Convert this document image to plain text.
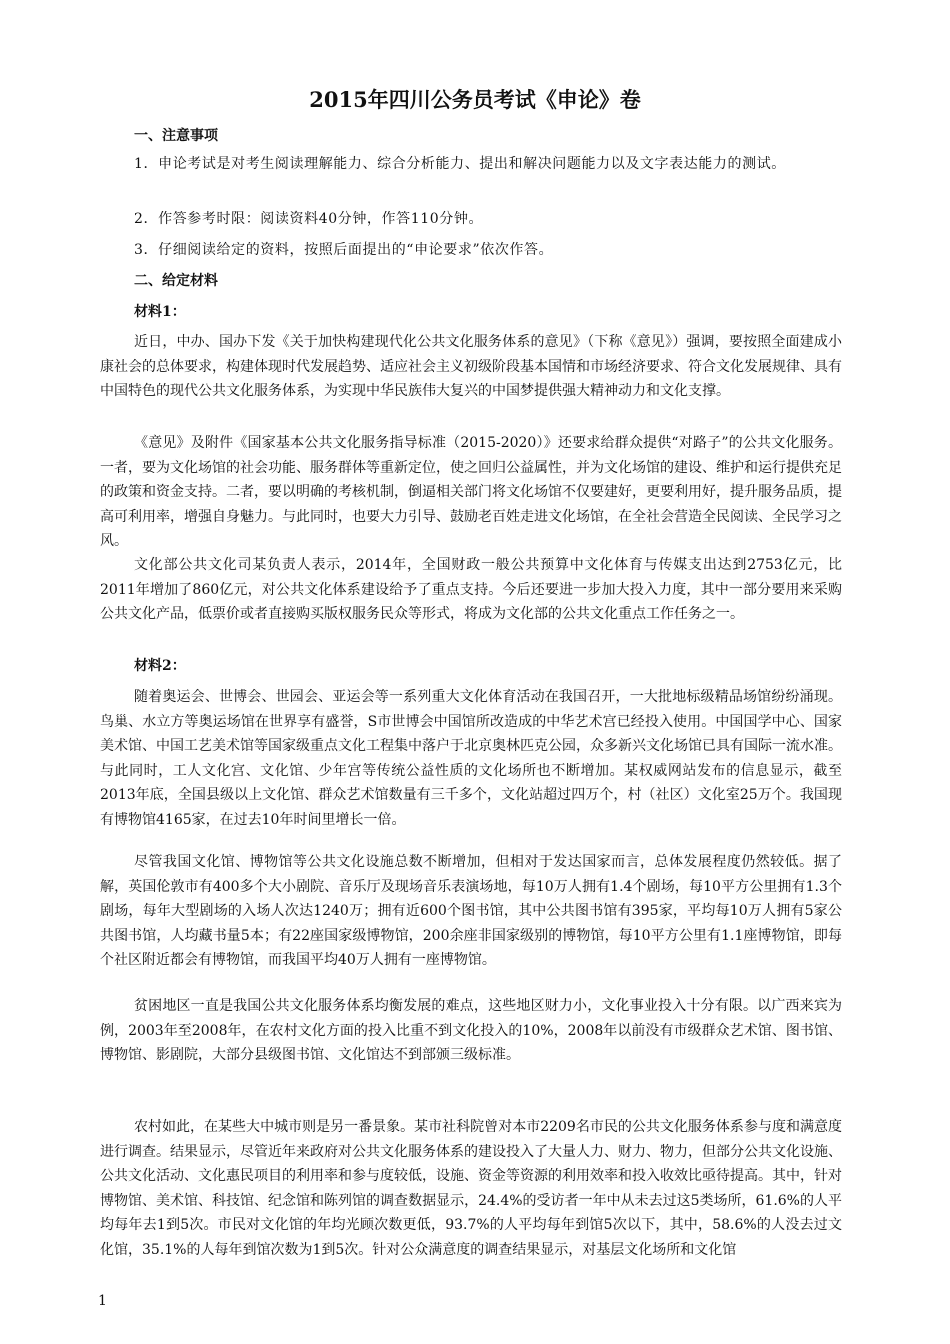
2015年四川公务员考试《申论》卷
一、注意事项

1．申论考试是对考生阅读理解能力、综合分析能力、提出和解决问题能力以及文字表达能力的测试。

2．作答参考时限：阅读资料40分钟，作答110分钟。

3．仔细阅读给定的资料，按照后面提出的“申论要求”依次作答。

二、给定材料
材料1：

近日，中办、国办下发《关于加快构建现代化公共文化服务体系的意见》（下称《意见》）强调，要按照全面建成小康社会的总体要求，构建体现时代发展趋势、适应社会主义初级阶段基本国情和市场经济要求、符合文化发展规律、具有中国特色的现代公共文化服务体系，为实现中华民族伟大复兴的中国梦提供强大精神动力和文化支撑。

《意见》及附件《国家基本公共文化服务指导标准（2015-2020）》还要求给群众提供“对路子”的公共文化服务。一者，要为文化场馆的社会功能、服务群体等重新定位，使之回归公益属性，并为文化场馆的建设、维护和运行提供充足的政策和资金支持。二者，要以明确的考核机制，倒逼相关部门将文化场馆不仅要建好，更要利用好，提升服务品质，提高可利用率，增强自身魅力。与此同时，也要大力引导、鼓励老百姓走进文化场馆，在全社会营造全民阅读、全民学习之风。

文化部公共文化司某负责人表示，2014年，全国财政一般公共预算中文化体育与传媒支出达到2753亿元，比2011年增加了860亿元，对公共文化体系建设给予了重点支持。今后还要进一步加大投入力度，其中一部分要用来采购公共文化产品，低票价或者直接购买版权服务民众等形式，将成为文化部的公共文化重点工作任务之一。

材料2：

随着奥运会、世博会、世园会、亚运会等一系列重大文化体育活动在我国召开，一大批地标级精品场馆纷纷涌现。鸟巢、水立方等奥运场馆在世界享有盛誉，S市世博会中国馆所改造成的中华艺术宫已经投入使用。中国国学中心、国家美术馆、中国工艺美术馆等国家级重点文化工程集中落户于北京奥林匹克公园，众多新兴文化场馆已具有国际一流水准。与此同时，工人文化宫、文化馆、少年宫等传统公益性质的文化场所也不断增加。某权威网站发布的信息显示，截至2013年底，全国县级以上文化馆、群众艺术馆数量有三千多个，文化站超过四万个，村（社区）文化室25万个。我国现有博物馆4165家，在过去10年时间里增长一倍。

尽管我国文化馆、博物馆等公共文化设施总数不断增加，但相对于发达国家而言，总体发展程度仍然较低。据了解，英国伦敦市有400多个大小剧院、音乐厅及现场音乐表演场地，每10万人拥有1.4个剧场，每10平方公里拥有1.3个剧场，每年大型剧场的入场人次达1240万；拥有近600个图书馆，其中公共图书馆有395家，平均每10万人拥有5家公共图书馆，人均藏书量5本；有22座国家级博物馆，200余座非国家级别的博物馆，每10平方公里有1.1座博物馆，即每个社区附近都会有博物馆，而我国平均40万人拥有一座博物馆。

贫困地区一直是我国公共文化服务体系均衡发展的难点，这些地区财力小，文化事业投入十分有限。以广西来宾为例，2003年至2008年，在农村文化方面的投入比重不到文化投入的10%，2008年以前没有市级群众艺术馆、图书馆、博物馆、影剧院，大部分县级图书馆、文化馆达不到部颁三级标准。

农村如此，在某些大中城市则是另一番景象。某市社科院曾对本市2209名市民的公共文化服务体系参与度和满意度进行调查。结果显示，尽管近年来政府对公共文化服务体系的建设投入了大量人力、财力、物力，但部分公共文化设施、公共文化活动、文化惠民项目的利用率和参与度较低，设施、资金等资源的利用效率和投入收效比亟待提高。其中，针对博物馆、美术馆、科技馆、纪念馆和陈列馆的调查数据显示，24.4%的受访者一年中从未去过这5类场所，61.6%的人平均每年去1到5次。市民对文化馆的年均光顾次数更低，93.7%的人平均每年到馆5次以下，其中，58.6%的人没去过文化馆，35.1%的人每年到馆次数为1到5次。针对公众满意度的调查结果显示，对基层文化场所和文化馆

1
